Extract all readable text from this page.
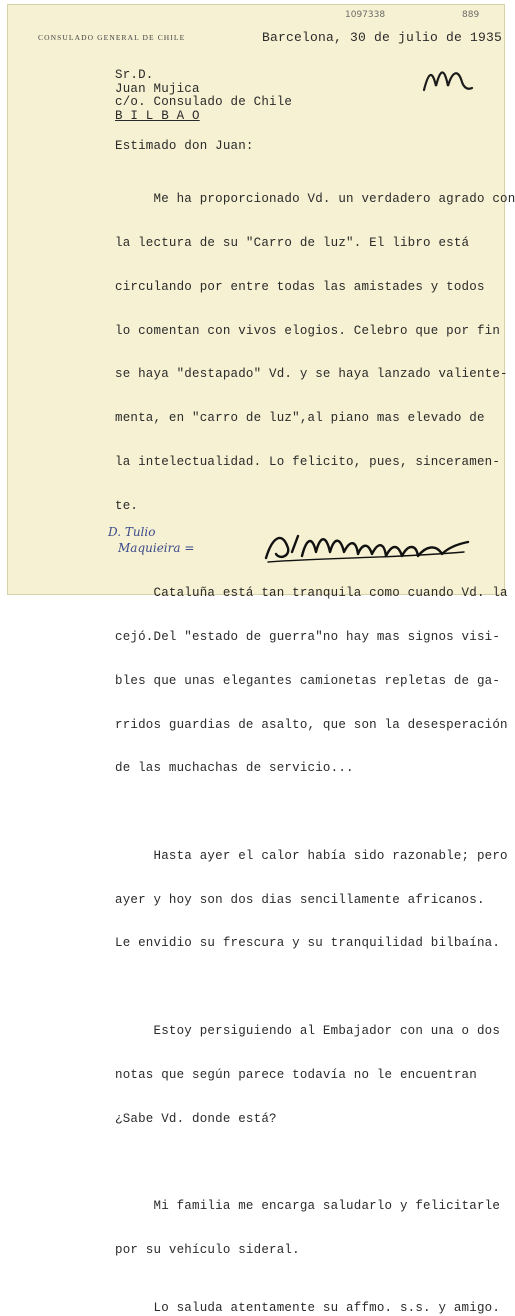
1097338	889
CONSULADO GENERAL DE CHILE	Barcelona, 30 de julio de 1935
Sr.D.
Juan Mujica
c/o. Consulado de Chile
B I L B A O
Estimado don Juan:

Me ha proporcionado Vd. un verdadero agrado con

la lectura de su "Carro de luz". El libro está

circulando por entre todas las amistades y todos

lo comentan con vivos elogios. Celebro que por fin

se haya "destapado" Vd. y se haya lanzado valiente-

menta, en "carro de luz",al piano mas elevado de

la intelectualidad. Lo felicito, pues, sinceramen-

te.

Cataluña está tan tranquila como cuando Vd. la

cejó.Del "estado de guerra"no hay mas signos visi-

bles que unas elegantes camionetas repletas de ga-

rridos guardias de asalto, que son la desesperación

de las muchachas de servicio...

Hasta ayer el calor había sido razonable; pero

ayer y hoy son dos dias sencillamente africanos.

Le envidio su frescura y su tranquilidad bilbaína.

Estoy persiguiendo al Embajador con una o dos

notas que según parece todavía no le encuentran

¿Sabe Vd. donde está?

Mi familia me encarga saludarlo y felicitarle

por su vehículo sideral.

Lo saluda atentamente su affmo. s.s. y amigo.
D. Tulio
Maquieira =
